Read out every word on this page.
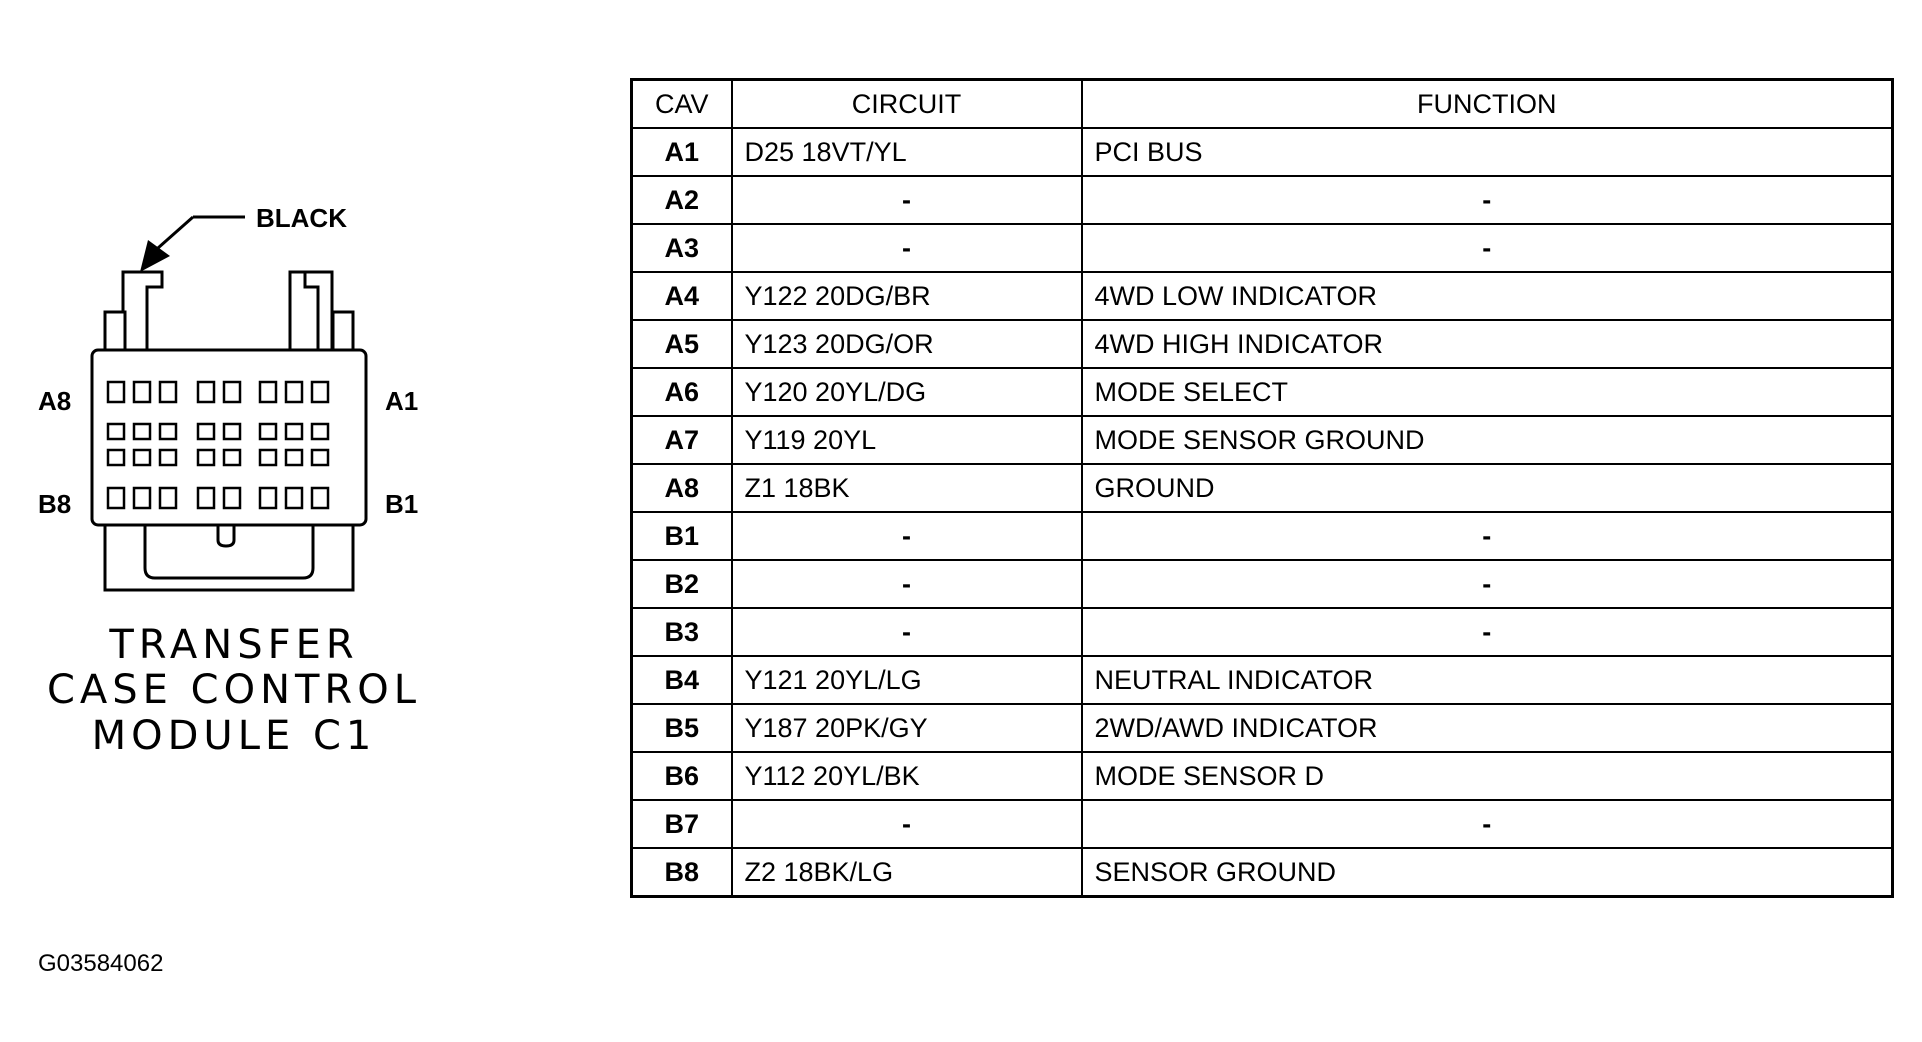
BLACK
A8	A1
B8	B1
TRANSFER
CASE CONTROL
MODULE C1
CAV	CIRCUIT	FUNCTION
A1	D25 18VT/YL	PCI BUS
A2	-	-
A3	-	-
A4	Y122 20DG/BR	4WD LOW INDICATOR
A5	Y123 20DG/OR	4WD HIGH INDICATOR
A6	Y120 20YL/DG	MODE SELECT
A7	Y119 20YL	MODE SENSOR GROUND
A8	Z1 18BK	GROUND
B1	-	-
B2	-	-
B3	-	-
B4	Y121 20YL/LG	NEUTRAL INDICATOR
B5	Y187 20PK/GY	2WD/AWD INDICATOR
B6	Y112 20YL/BK	MODE SENSOR D
B7	-	-
B8	Z2 18BK/LG	SENSOR GROUND
G03584062
